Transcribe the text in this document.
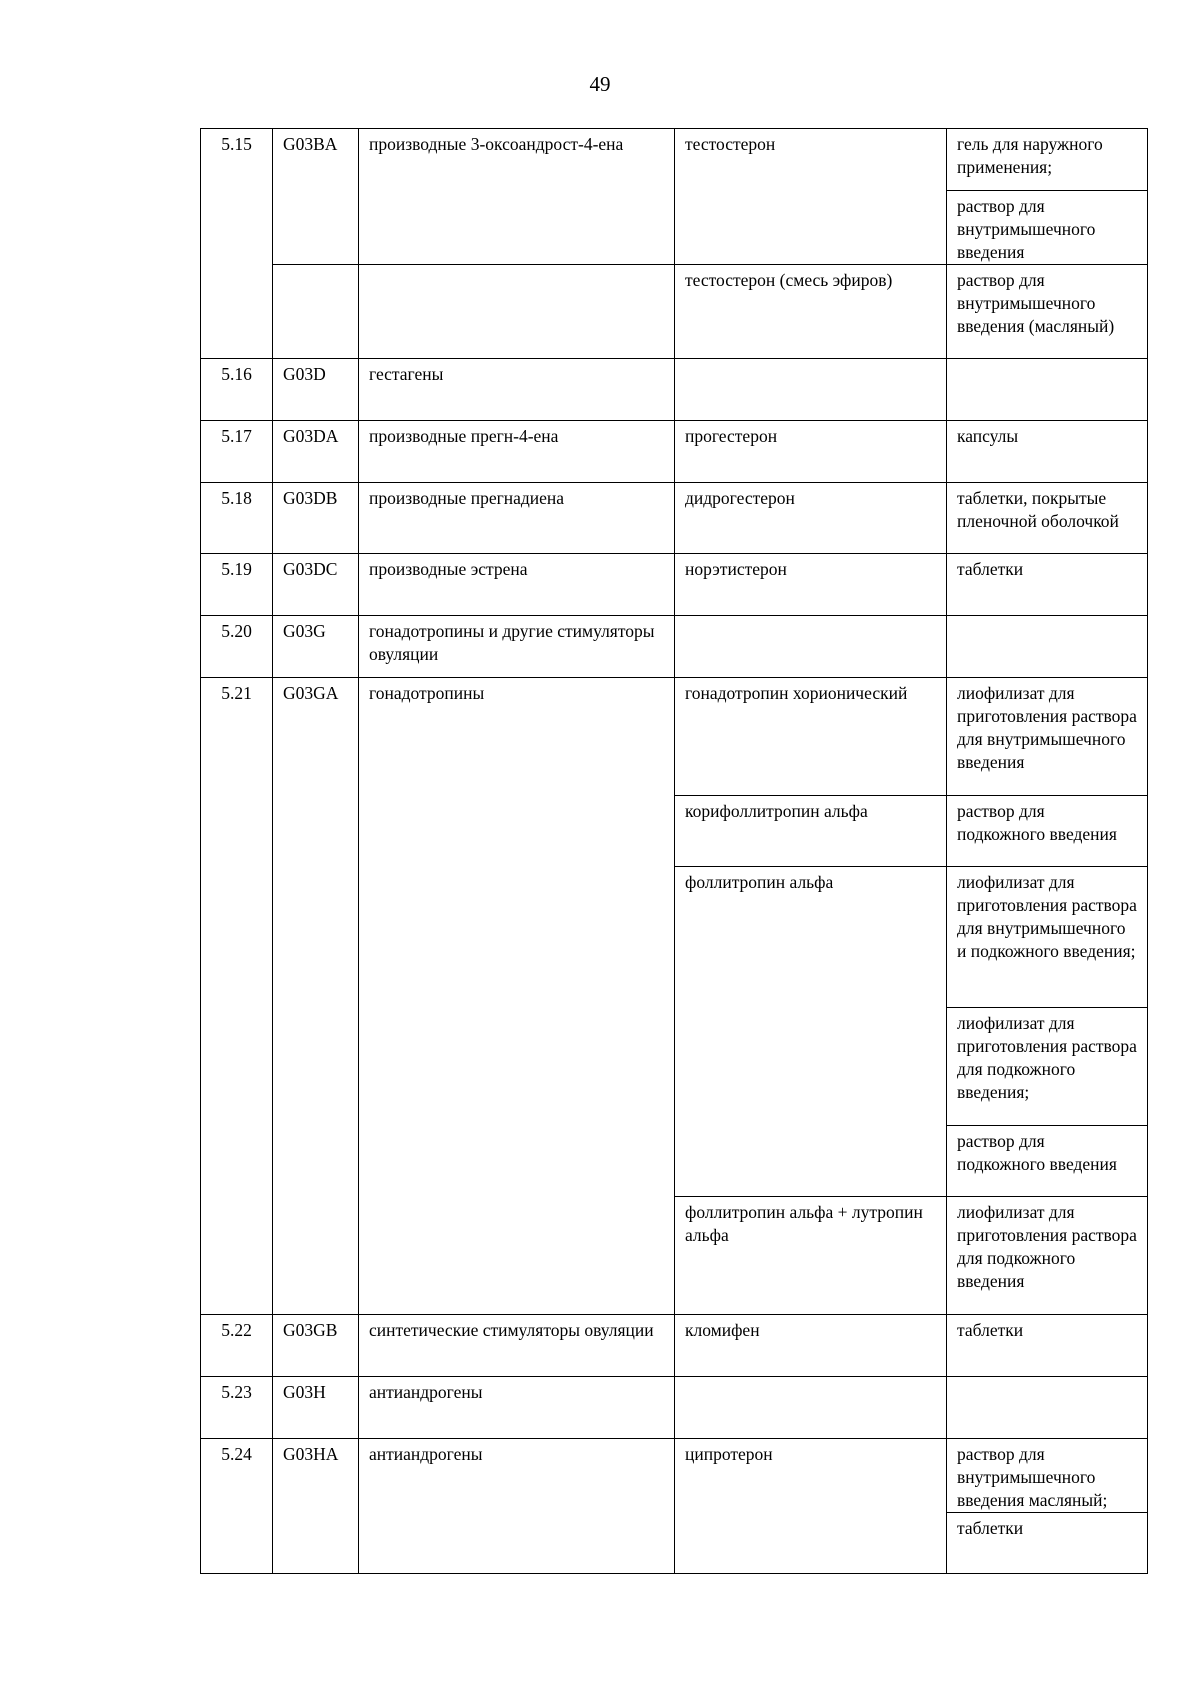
49
5.15	G03BA	производные 3-оксоандрост-4-ена	тестостерон	гель для наружного применения;
				раствор для внутримышечного введения
			тестостерон (смесь эфиров)	раствор для внутримышечного введения (масляный)
5.16	G03D	гестагены		
5.17	G03DA	производные прегн-4-ена	прогестерон	капсулы
5.18	G03DB	производные прегнадиена	дидрогестерон	таблетки, покрытые пленочной оболочкой
5.19	G03DC	производные эстрена	норэтистерон	таблетки
5.20	G03G	гонадотропины и другие стимуляторы овуляции		
5.21	G03GA	гонадотропины	гонадотропин хорионический	лиофилизат для приготовления раствора для внутримышечного введения
			корифоллитропин альфа	раствор для подкожного введения
			фоллитропин альфа	лиофилизат для приготовления раствора для внутримышечного и подкожного введения;
				лиофилизат для приготовления раствора для подкожного введения;
				раствор для подкожного введения
			фоллитропин альфа + лутропин альфа	лиофилизат для приготовления раствора для подкожного введения
5.22	G03GB	синтетические стимуляторы овуляции	кломифен	таблетки
5.23	G03H	антиандрогены		
5.24	G03HA	антиандрогены	ципротерон	раствор для внутримышечного введения масляный;
				таблетки
